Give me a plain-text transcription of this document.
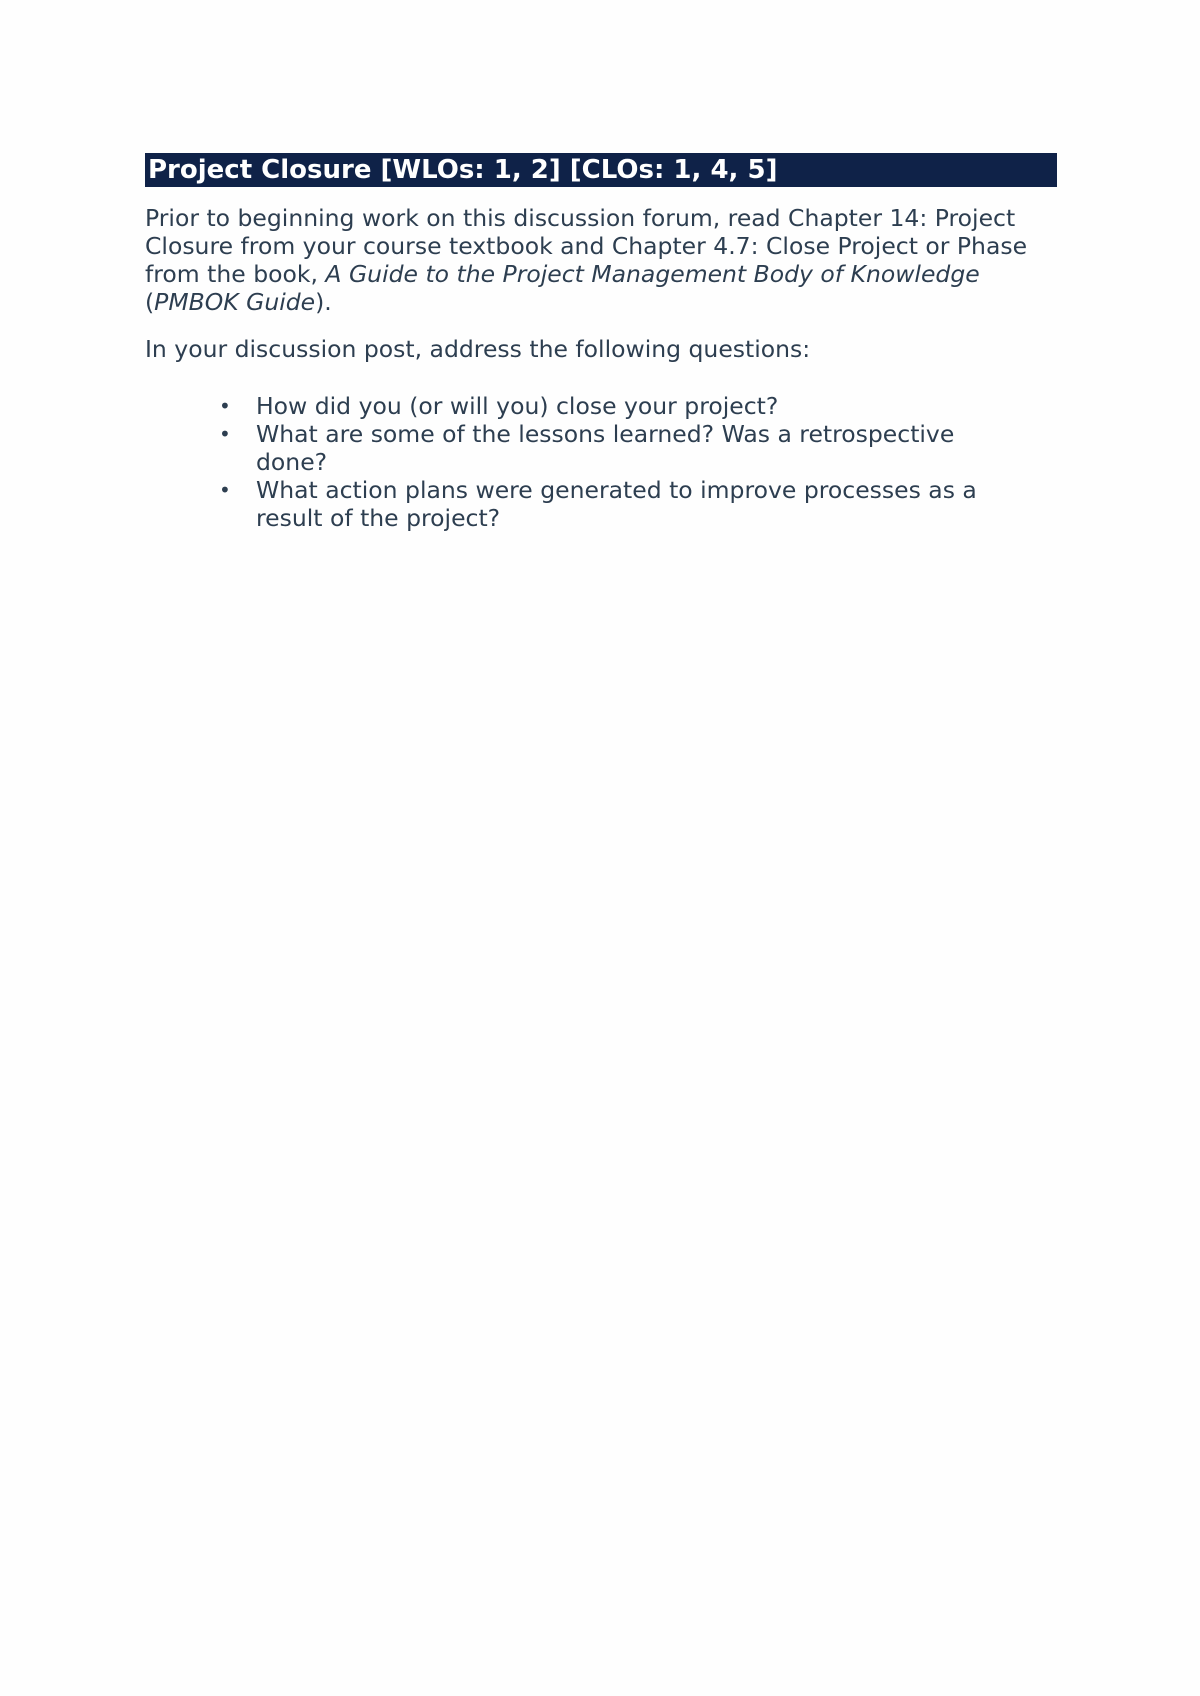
Project Closure [WLOs: 1, 2] [CLOs: 1, 4, 5]

Prior to beginning work on this discussion forum, read Chapter 14: Project Closure from your course textbook and Chapter 4.7: Close Project or Phase from the book, A Guide to the Project Management Body of Knowledge (PMBOK Guide).

In your discussion post, address the following questions:

• How did you (or will you) close your project?
• What are some of the lessons learned? Was a retrospective done?
• What action plans were generated to improve processes as a result of the project?
